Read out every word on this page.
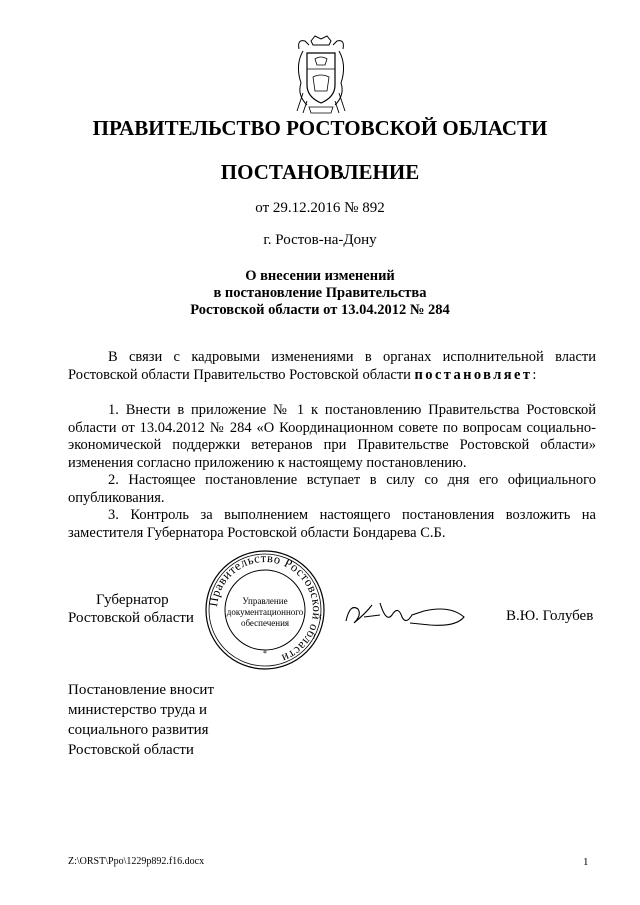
ПРАВИТЕЛЬСТВО РОСТОВСКОЙ ОБЛАСТИ
ПОСТАНОВЛЕНИЕ
от 29.12.2016 № 892
г. Ростов-на-Дону
О внесении изменений
в постановление Правительства
Ростовской области от 13.04.2012 № 284

В связи с кадровыми изменениями в органах исполнительной власти Ростовской области Правительство Ростовской области постановляет:

1. Внести в приложение № 1 к постановлению Правительства Ростовской области от 13.04.2012 № 284 «О Координационном совете по вопросам социально-экономической поддержки ветеранов при Правительстве Ростовской области» изменения согласно приложению к настоящему постановлению.

2. Настоящее постановление вступает в силу со дня его официального опубликования.

3. Контроль за выполнением настоящего постановления возложить на заместителя Губернатора Ростовской области Бондарева С.Б.

Губернатор
Ростовской области
Правительство Ростовской области
Управление
документационного
обеспечения
*
В.Ю. Голубев
Постановление вносит
министерство труда и
социального развития
Ростовской области
Z:\ORST\Ppo\1229p892.f16.docx	1
